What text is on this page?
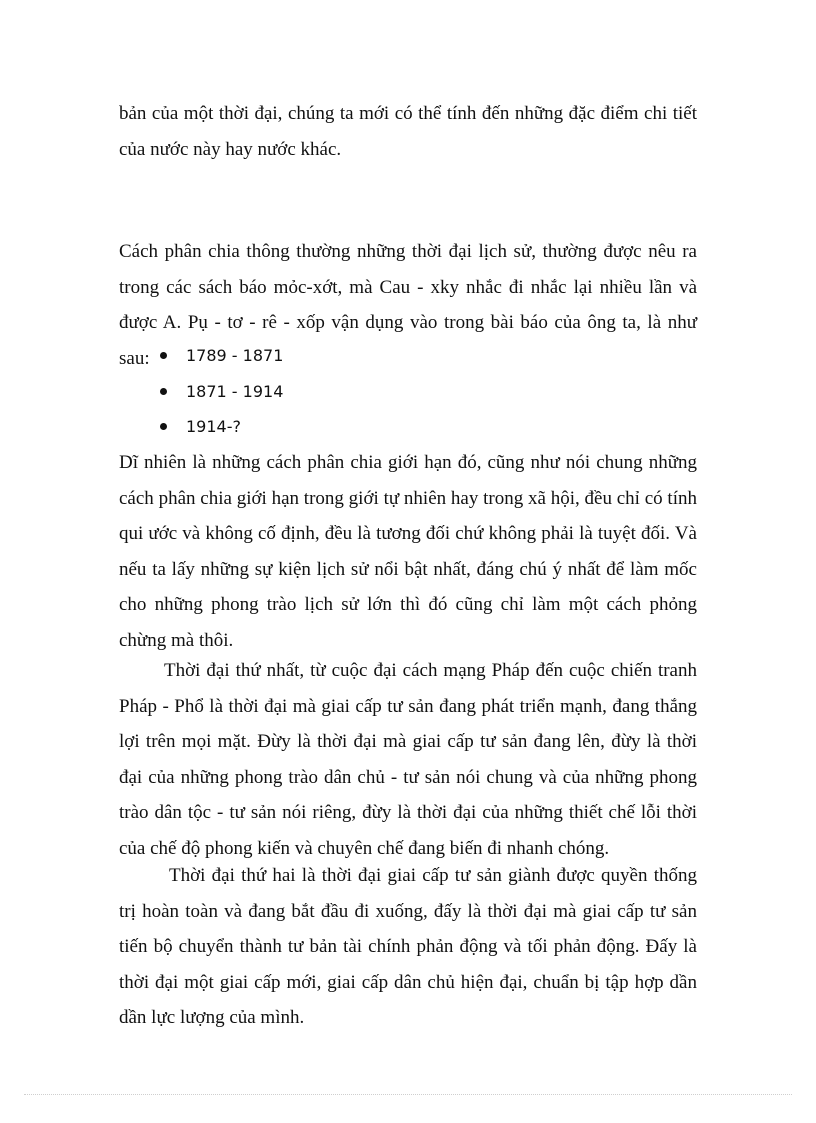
bản của một thời đại, chúng ta mới có thể tính đến những đặc điểm chi tiết của nước này hay nước khác.

Cách phân chia thông thường những thời đại lịch sử, thường được nêu ra trong các sách báo mỏc-xớt, mà Cau - xky nhắc đi nhắc lại nhiều lần và được A. Pụ - tơ - rê - xốp vận dụng vào trong bài báo của ông ta, là như sau:	1789 - 1871
1871 - 1914
1914-?

Dĩ nhiên là những cách phân chia giới hạn đó, cũng như nói chung những cách phân chia giới hạn trong giới tự nhiên hay trong xã hội, đều chỉ có tính qui ước và không cố định, đều là tương đối chứ không phải là tuyệt đối. Và nếu ta lấy những sự kiện lịch sử nổi bật nhất, đáng chú ý nhất để làm mốc cho những phong trào lịch sử lớn thì đó cũng chỉ làm một cách phỏng chừng mà thôi.

Thời đại thứ nhất, từ cuộc đại cách mạng Pháp đến cuộc chiến tranh Pháp - Phổ là thời đại mà giai cấp tư sản đang phát triển mạnh, đang thắng lợi trên mọi mặt. Đừy là thời đại mà giai cấp tư sản đang lên, đừy là thời đại của những phong trào dân chủ - tư sản nói chung và của những phong trào dân tộc - tư sản nói riêng, đừy là thời đại của những thiết chế lỗi thời của chế độ phong kiến và chuyên chế đang biến đi nhanh chóng.

Thời đại thứ hai là thời đại giai cấp tư sản giành được quyền thống trị hoàn toàn và đang bắt đầu đi xuống, đấy là thời đại mà giai cấp tư sản tiến bộ chuyển thành tư bản tài chính phản động và tối phản động. Đấy là thời đại một giai cấp mới, giai cấp dân chủ hiện đại, chuẩn bị tập hợp dần dần lực lượng của mình.
